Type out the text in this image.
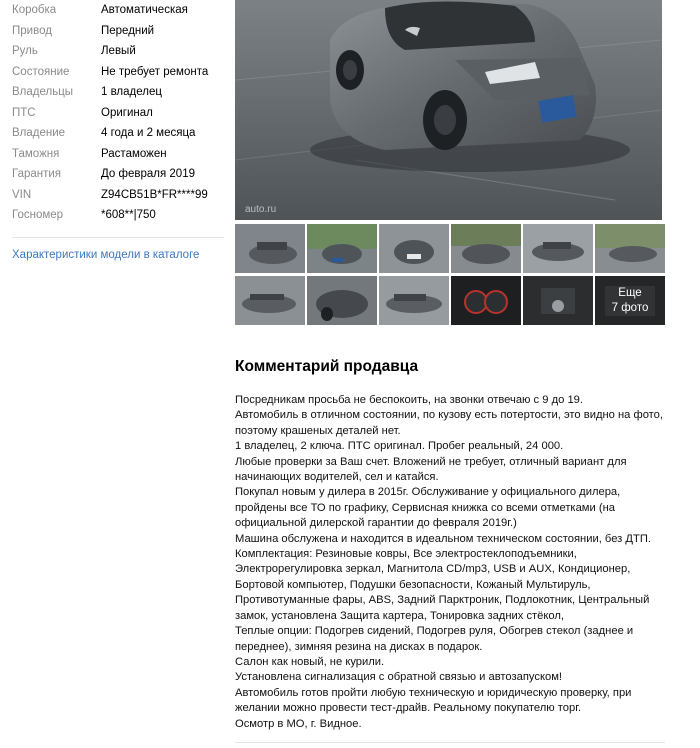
Коробка	Автоматическая
Привод	Передний
Руль	Левый
Состояние	Не требует ремонта
Владельцы 1 владелец
ПТС	Оригинал
Владение	4 года и 2 месяца
Таможня	Растаможен
Гарантия	До февраля 2019
VIN	Z94CB51B*FR****99
Госномер	*608**|750
Характеристики модели в каталоге
auto.ru
Еще
7 фото
Комментарий продавца
Посредникам просьба не беспокоить, на звонки отвечаю с 9 до 19.
Автомобиль в отличном состоянии, по кузову есть потертости, это видно на фото,
поэтому крашеных деталей нет.
1 владелец, 2 ключа. ПТС оригинал. Пробег реальный, 24 000.
Любые проверки за Ваш счет. Вложений не требует, отличный вариант для
начинающих водителей, сел и катайся.
Покупал новым у дилера в 2015г. Обслуживание у официального дилера,
пройдены все ТО по графику, Сервисная книжка со всеми отметками (на
официальной дилерской гарантии до февраля 2019г.)
Машина обслужена и находится в идеальном техническом состоянии, без ДТП.
Комплектация: Резиновые ковры, Все электростеклоподъемники,
Электрорегулировка зеркал, Магнитола CD/mp3, USB и AUX, Кондиционер,
Бортовой компьютер, Подушки безопасности, Кожаный Мультируль,
Противотуманные фары, ABS, Задний Парктроник, Подлокотник, Центральный
замок, установлена Защита картера, Тонировка задних стёкол,
Теплые опции: Подогрев сидений, Подогрев руля, Обогрев стекол (заднее и
переднее), зимняя резина на дисках в подарок.
Салон как новый, не курили.
Установлена сигнализация с обратной связью и автозапуском!
Автомобиль готов пройти любую техническую и юридическую проверку, при
желании можно провести тест-драйв. Реальному покупателю торг.
Осмотр в МО, г. Видное.
